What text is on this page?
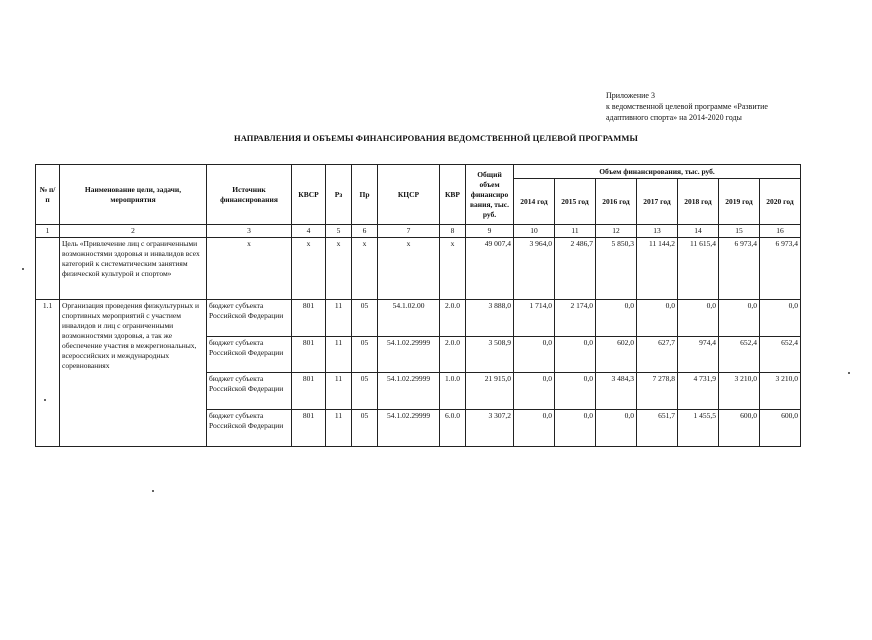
Приложение 3
к ведомственной целевой программе «Развитие
адаптивного спорта» на 2014-2020 годы
НАПРАВЛЕНИЯ И ОБЪЕМЫ ФИНАНСИРОВАНИЯ ВЕДОМСТВЕННОЙ ЦЕЛЕВОЙ ПРОГРАММЫ
№ п/п	Наименование цели, задачи, мероприятия	Источник финансирования	КВСР	Рз	Пр	КЦСР	КВР	Общий объем финансиро вания, тыс. руб.	Объем финансирования, тыс. руб.						
									2014 год	2015 год	2016 год	2017 год	2018 год	2019 год	2020 год
1	2	3	4	5	6	7	8	9	10	11	12	13	14	15	16
	Цель «Привлечение лиц с ограниченными возможностями здоровья и инвалидов всех категорий к систематическим занятиям физической культурой и спортом»	х	х	х	х	х	х	49 007,4	3 964,0	2 486,7	5 850,3	11 144,2	11 615,4	6 973,4	6 973,4
1.1	Организация проведения физкультурных и спортивных мероприятий с участием инвалидов и лиц с ограниченными возможностями здоровья, а так же обеспечение участия в межрегиональных, всероссийских и международных соревнованиях	бюджет субъекта Российской Федерации	801	11	05	54.1.02.00	2.0.0	3 888,0	1 714,0	2 174,0	0,0	0,0	0,0	0,0	0,0
		бюджет субъекта Российской Федерации	801	11	05	54.1.02.29999	2.0.0	3 508,9	0,0	0,0	602,0	627,7	974,4	652,4	652,4
		бюджет субъекта Российской Федерации	801	11	05	54.1.02.29999	1.0.0	21 915,0	0,0	0,0	3 484,3	7 278,8	4 731,9	3 210,0	3 210,0
		бюджет субъекта Российской Федерации	801	11	05	54.1.02.29999	6.0.0	3 307,2	0,0	0,0	0,0	651,7	1 455,5	600,0	600,0
